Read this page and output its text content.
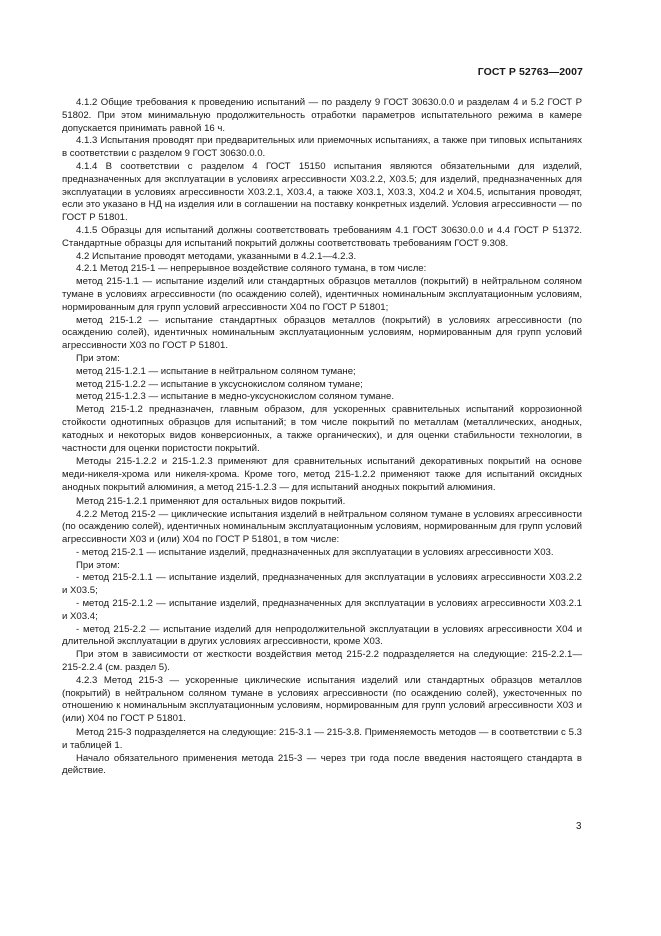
ГОСТ Р 52763—2007

4.1.2 Общие требования к проведению испытаний — по разделу 9 ГОСТ 30630.0.0 и разделам 4 и 5.2 ГОСТ Р 51802. При этом минимальную продолжительность отработки параметров испытательного режима в камере допускается принимать равной 16 ч.

4.1.3 Испытания проводят при предварительных или приемочных испытаниях, а также при типовых испытаниях в соответствии с разделом 9 ГОСТ 30630.0.0.

4.1.4 В соответствии с разделом 4 ГОСТ 15150 испытания являются обязательными для изделий, предназначенных для эксплуатации в условиях агрессивности Х03.2.2, Х03.5; для изделий, предназначенных для эксплуатации в условиях агрессивности Х03.2.1, Х03.4, а также Х03.1, Х03.3, Х04.2 и Х04.5, испытания проводят, если это указано в НД на изделия или в соглашении на поставку конкретных изделий. Условия агрессивности — по ГОСТ Р 51801.

4.1.5 Образцы для испытаний должны соответствовать требованиям 4.1 ГОСТ 30630.0.0 и 4.4 ГОСТ Р 51372. Стандартные образцы для испытаний покрытий должны соответствовать требованиям ГОСТ 9.308.

4.2 Испытание проводят методами, указанными в 4.2.1—4.2.3.

4.2.1 Метод 215-1 — непрерывное воздействие соляного тумана, в том числе:

метод 215-1.1 — испытание изделий или стандартных образцов металлов (покрытий) в нейтральном соляном тумане в условиях агрессивности (по осаждению солей), идентичных номинальным эксплуатационным условиям, нормированным для групп условий агрессивности Х04 по ГОСТ Р 51801;

метод 215-1.2 — испытание стандартных образцов металлов (покрытий) в условиях агрессивности (по осаждению солей), идентичных номинальным эксплуатационным условиям, нормированным для групп условий агрессивности Х03 по ГОСТ Р 51801.

При этом:

метод 215-1.2.1 — испытание в нейтральном соляном тумане;

метод 215-1.2.2 — испытание в уксуснокислом соляном тумане;

метод 215-1.2.3 — испытание в медно-уксуснокислом соляном тумане.

Метод 215-1.2 предназначен, главным образом, для ускоренных сравнительных испытаний коррозионной стойкости однотипных образцов для испытаний; в том числе покрытий по металлам (металлических, анодных, катодных и некоторых видов конверсионных, а также органических), и для оценки стабильности технологии, в частности для оценки пористости покрытий.

Методы 215-1.2.2 и 215-1.2.3 применяют для сравнительных испытаний декоративных покрытий на основе меди-никеля-хрома или никеля-хрома. Кроме того, метод 215-1.2.2 применяют также для испытаний оксидных анодных покрытий алюминия, а метод 215-1.2.3 — для испытаний анодных покрытий алюминия.

Метод 215-1.2.1 применяют для остальных видов покрытий.

4.2.2 Метод 215-2 — циклические испытания изделий в нейтральном соляном тумане в условиях агрессивности (по осаждению солей), идентичных номинальным эксплуатационным условиям, нормированным для групп условий агрессивности Х03 и (или) Х04 по ГОСТ Р 51801, в том числе:

- метод 215-2.1 — испытание изделий, предназначенных для эксплуатации в условиях агрессивности Х03.

При этом:

- метод 215-2.1.1 — испытание изделий, предназначенных для эксплуатации в условиях агрессивности Х03.2.2 и Х03.5;

- метод 215-2.1.2 — испытание изделий, предназначенных для эксплуатации в условиях агрессивности Х03.2.1 и Х03.4;

- метод 215-2.2 — испытание изделий для непродолжительной эксплуатации в условиях агрессивности Х04 и длительной эксплуатации в других условиях агрессивности, кроме Х03.

При этом в зависимости от жесткости воздействия метод 215-2.2 подразделяется на следующие: 215-2.2.1—215-2.2.4 (см. раздел 5).

4.2.3 Метод 215-3 — ускоренные циклические испытания изделий или стандартных образцов металлов (покрытий) в нейтральном соляном тумане в условиях агрессивности (по осаждению солей), ужесточенных по отношению к номинальным эксплуатационным условиям, нормированным для групп условий агрессивности Х03 и (или) Х04 по ГОСТ Р 51801.

Метод 215-3 подразделяется на следующие: 215-3.1 — 215-3.8. Применяемость методов — в соответствии с 5.3 и таблицей 1.

Начало обязательного применения метода 215-3 — через три года после введения настоящего стандарта в действие.

3
